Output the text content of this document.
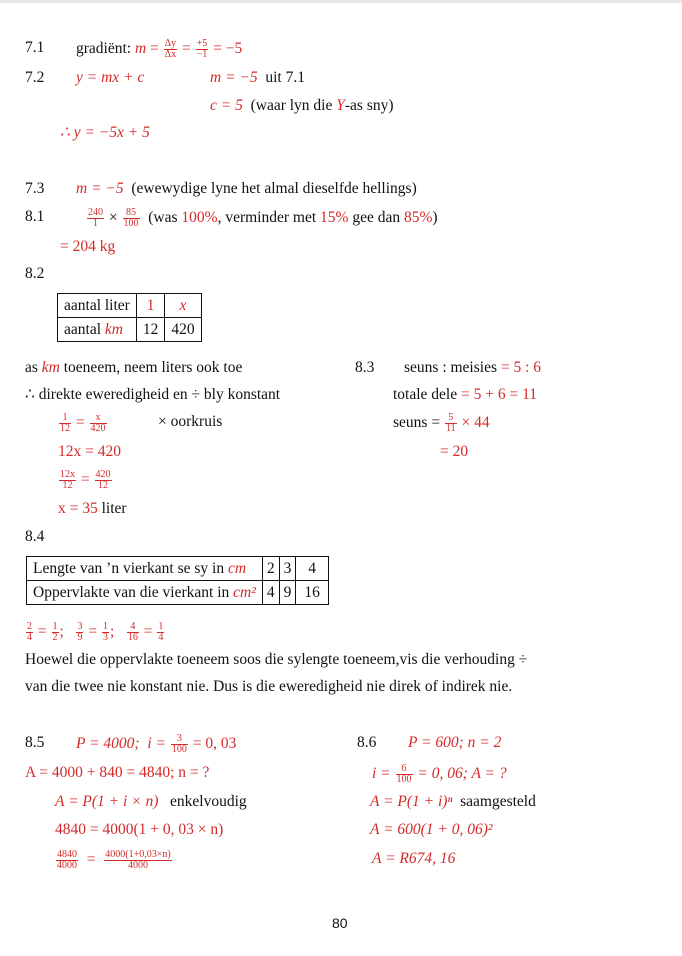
7.1 gradiënt: $m = \frac{\Delta y}{\Delta x} = \frac{+5}{-1} = -5$
7.2 y = mx + c	m = −5 uit 7.1
c = 5 (waar lyn die Y-as sny)
∴ y = −5x + 5
7.3 m = −5 (ewewydige lyne het almal dieselfde hellings)
8.1	$\frac{240}{1} \times \frac{85}{100} (was$ 100%, verminder met 15% gee dan 85%)
= 204 kg
8.2
aantal liter	1	x
aantal km	12	420
as km toeneem, neem liters ook toe
∴ direkte eweredigheid en ÷ bly konstant
$\frac{1}{12} = \frac{x}{420}$	× oorkruis
12x = 420
$\frac{12x}{12} = \frac{420}{12}$
x = 35 liter
8.3 seuns : meisies = 5 : 6
totale dele = 5 + 6 = 11
seuns = $\frac{5}{11} \times 44$
= 20
8.4
Lengte van ’n vierkant se sy in cm	2	3	4
Oppervlakte van die vierkant in cm²	4	9	16
$\frac{2}{4} = \frac{1}{2}$ ; $\frac{3}{9} = \frac{1}{3}$ ; $\frac{4}{16} = \frac{1}{4}$
Hoewel die oppervlakte toeneem soos die sylengte toeneem,vis die verhouding ÷
van die twee nie konstant nie. Dus is die eweredigheid nie direk of indirek nie.
8.5 P = 4000; $i = \frac{3}{100} = 0$, 03
A = 4000 + 840 = 4840; n = ?
A = P(1 + i × n) enkelvoudig
4840 = 4000(1 + 0, 03 × n)
$\frac{4840}{4000} = \frac{4000(1+0,03\times n)}{4000}$
8.6 P = 600; n = 2
$i = \frac{6}{100} = 0$, 06; A = ?
A = P(1 + i)ⁿ saamgesteld
A = 600(1 + 0, 06)²
A = R674, 16
80
